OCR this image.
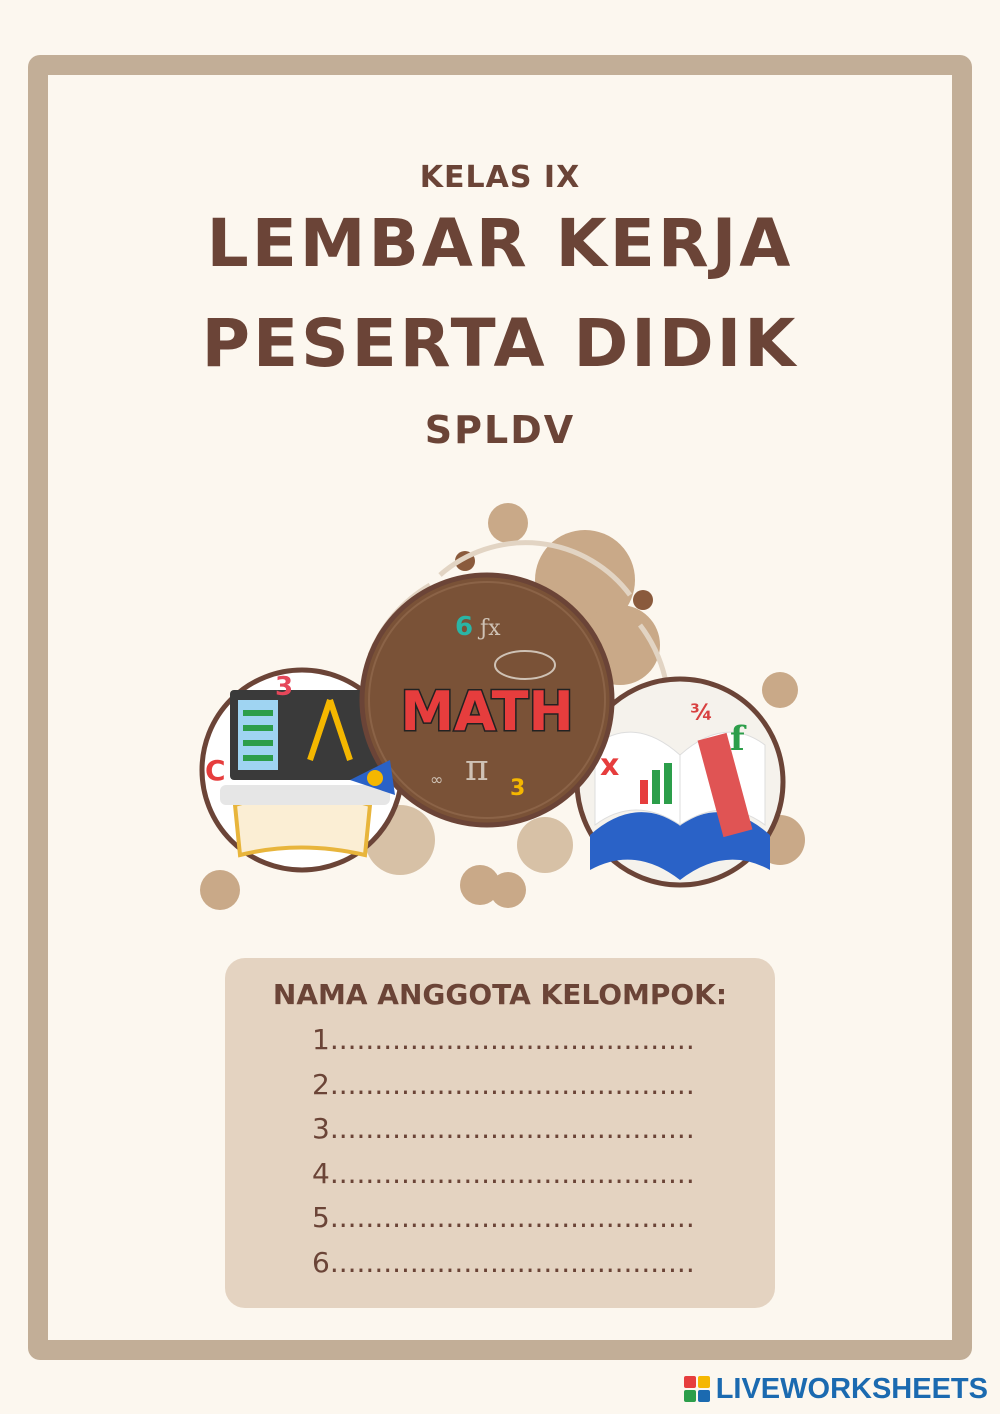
KELAS IX
LEMBAR KERJA
PESERTA DIDIK
SPLDV
3
C
¾
f
x
6 ƒx
π 3
∞
MATH
NAMA ANGGOTA KELOMPOK:
1.........................................
2.........................................
3.........................................
4.........................................
5.........................................
6.........................................
LIVEWORKSHEETS
